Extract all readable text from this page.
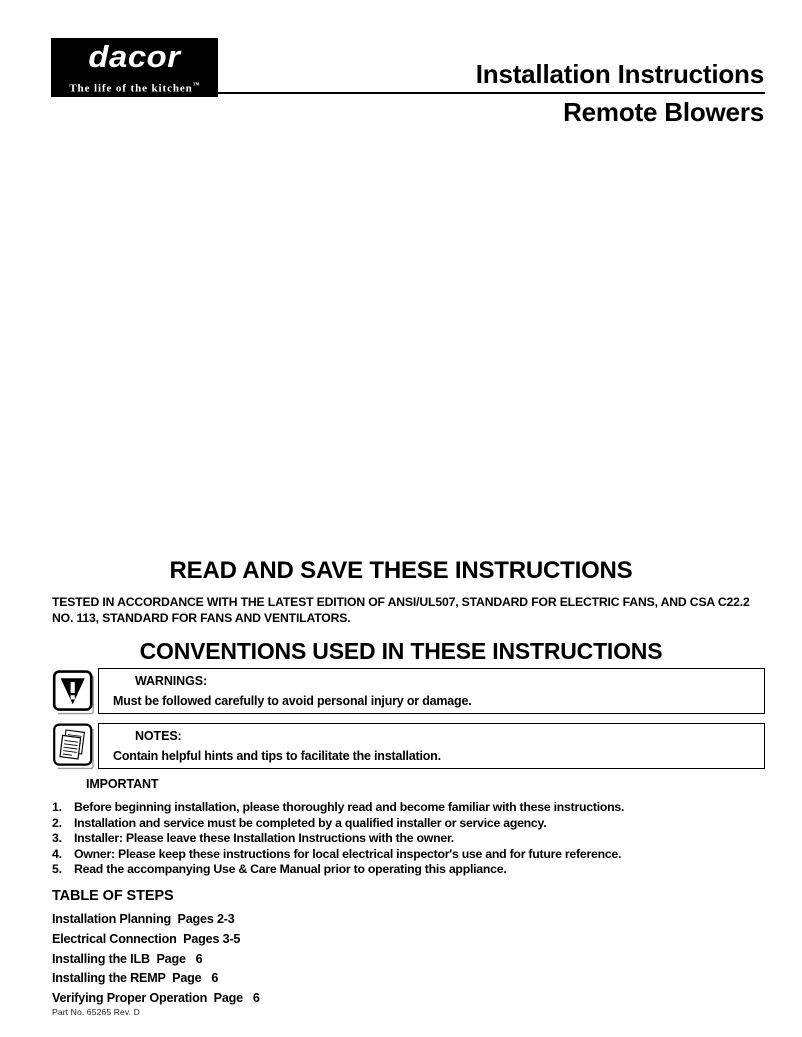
dacor
The life of the kitchen™	Installation Instructions
Remote Blowers
READ AND SAVE THESE INSTRUCTIONS
TESTED IN ACCORDANCE WITH THE LATEST EDITION OF ANSI/UL507, STANDARD FOR ELECTRIC FANS, AND CSA C22.2 NO. 113, STANDARD FOR FANS AND VENTILATORS.
CONVENTIONS USED IN THESE INSTRUCTIONS
WARNINGS:
Must be followed carefully to avoid personal injury or damage.
NOTES:
Contain helpful hints and tips to facilitate the installation.
IMPORTANT
1. Before beginning installation, please thoroughly read and become familiar with these instructions.
2. Installation and service must be completed by a qualified installer or service agency.
3. Installer: Please leave these Installation Instructions with the owner.
4. Owner: Please keep these instructions for local electrical inspector's use and for future reference.
5. Read the accompanying Use & Care Manual prior to operating this appliance.
TABLE OF STEPS
Installation Planning  Pages 2-3
Electrical Connection  Pages 3-5
Installing the ILB  Page   6
Installing the REMP  Page   6
Verifying Proper Operation  Page   6
Part No. 65265 Rev. D
